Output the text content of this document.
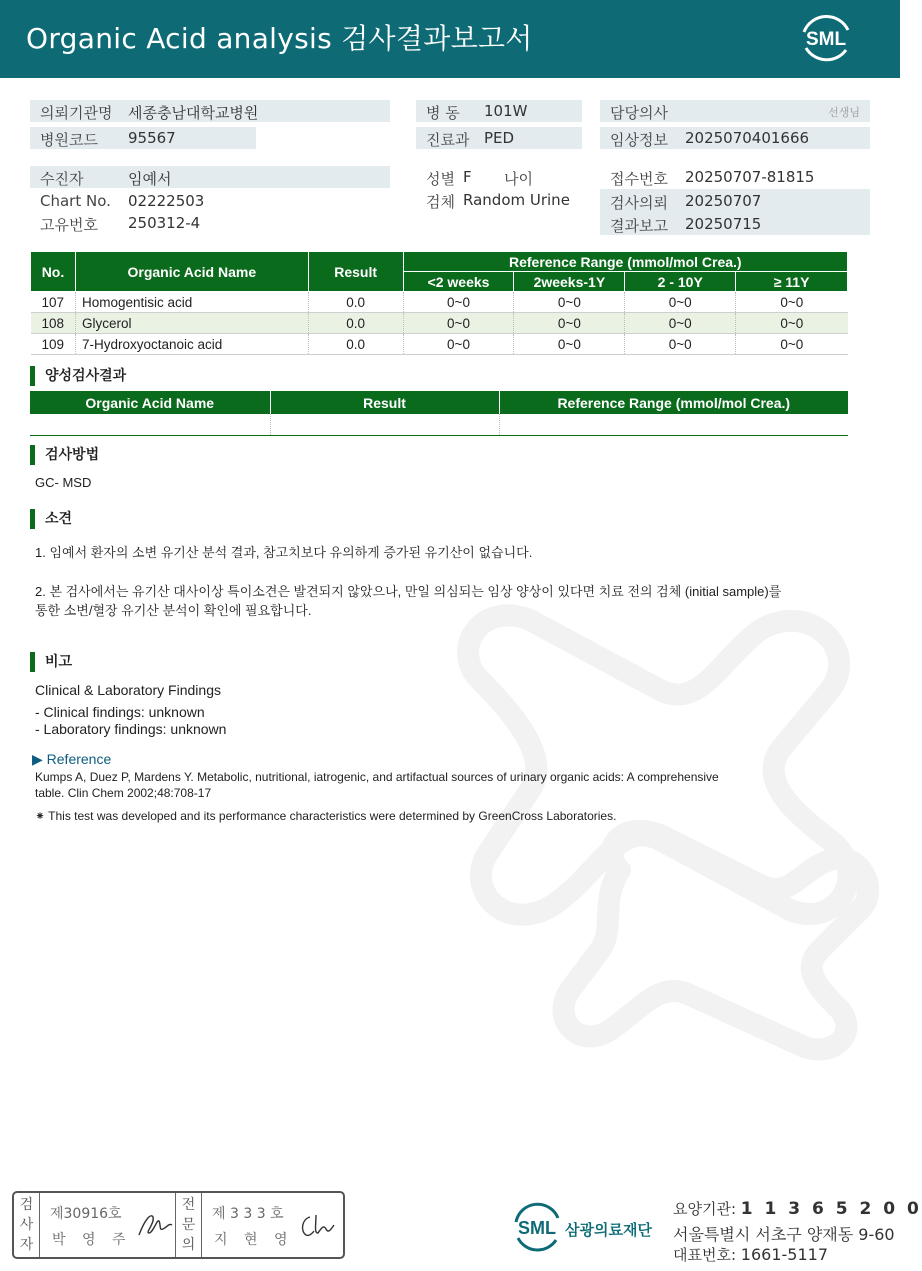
Organic Acid analysis 검사결과보고서	SML
의뢰기관명 세종충남대학교병원
병원코드 95567
수진자	임예서
Chart No. 02222503
고유번호 250312-4
병 동 101W
진료과 PED
성별 F 나이
검체 Random Urine
담당의사	선생님
임상정보 2025070401666
접수번호 20250707-81815
검사의뢰 20250707
결과보고 20250715
No.	Organic Acid Name	Result	Reference Range (mmol/mol Crea.)			
			<2 weeks	2weeks-1Y	2 - 10Y	≥ 11Y
107	Homogentisic acid	0.0	0~0	0~0	0~0	0~0
108	Glycerol	0.0	0~0	0~0	0~0	0~0
109	7-Hydroxyoctanoic acid	0.0	0~0	0~0	0~0	0~0
양성검사결과
Organic Acid Name	Result	Reference Range (mmol/mol Crea.)

검사방법
GC- MSD
소견
1. 임예서 환자의 소변 유기산 분석 결과, 참고치보다 유의하게 증가된 유기산이 없습니다.
2. 본 검사에서는 유기산 대사이상 특이소견은 발견되지 않았으나, 만일 의심되는 임상 양상이 있다면 치료 전의 검체 (initial sample)를
통한 소변/혈장 유기산 분석이 확인에 필요합니다.
비고
Clinical & Laboratory Findings
- Clinical findings: unknown
- Laboratory findings: unknown
▶ Reference
Kumps A, Duez P, Mardens Y. Metabolic, nutritional, iatrogenic, and artifactual sources of urinary organic acids: A comprehensive
table. Clin Chem 2002;48:708-17
⁕ This test was developed and its performance characteristics were determined by GreenCross Laboratories.
검
사
자
제30916호
박 영 주
전
문
의
제 3 3 3 호
지 현 영
SML 삼광의료재단
요양기관: 1 1 3 6 5 2 0 0
서울특별시 서초구 양재동 9-60
대표번호: 1661-5117
